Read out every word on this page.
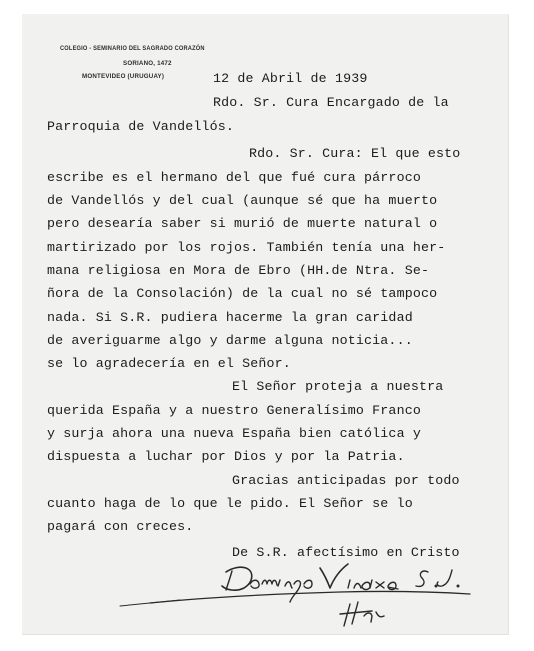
COLEGIO - SEMINARIO DEL SAGRADO CORAZÓN
SORIANO, 1472
MONTEVIDEO (URUGUAY)	12 de Abril de 1939
Rdo. Sr. Cura Encargado de la
Parroquia de Vandellós.
Rdo. Sr. Cura: El que esto
escribe es el hermano del que fué cura párroco
de Vandellós y del cual (aunque sé que ha muerto
pero desearía saber si murió de muerte natural o
martirizado por los rojos. También tenía una her-
mana religiosa en Mora de Ebro (HH.de Ntra. Se-
ñora de la Consolación) de la cual no sé tampoco
nada. Si S.R. pudiera hacerme la gran caridad
de averiguarme algo y darme alguna noticia...
se lo agradecería en el Señor.
El Señor proteja a nuestra
querida España y a nuestro Generalísimo Franco
y surja ahora una nueva España bien católica y
dispuesta a luchar por Dios y por la Patria.
Gracias anticipadas por todo
cuanto haga de lo que le pido. El Señor se lo
pagará con creces.
De S.R. afectísimo en Cristo
